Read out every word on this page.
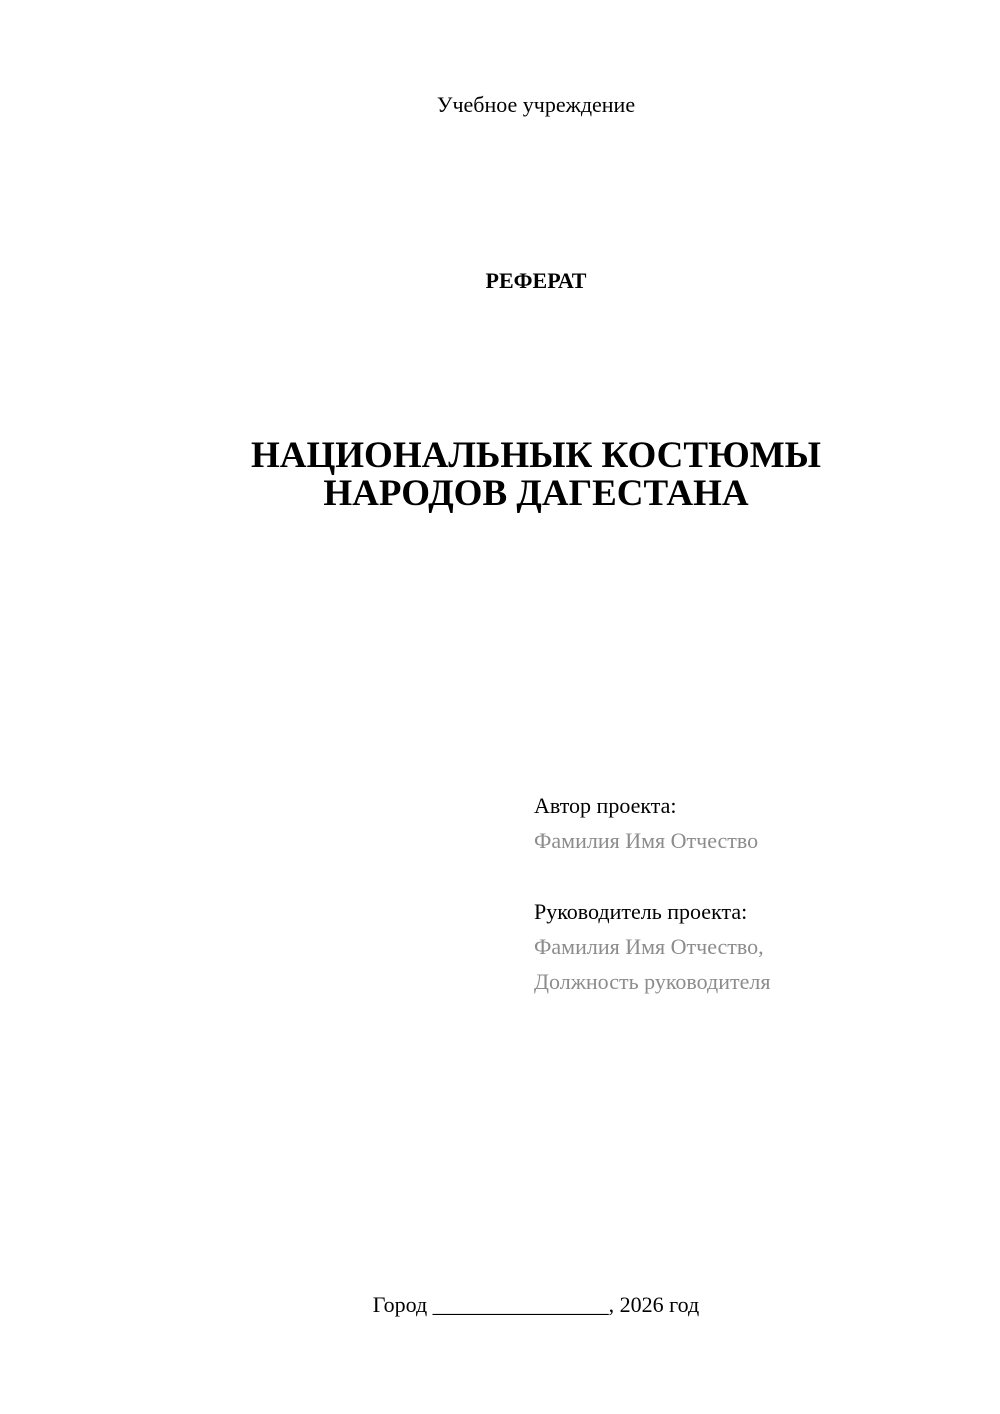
Учебное учреждение
РЕФЕРАТ
НАЦИОНАЛЬНЫК КОСТЮМЫ
НАРОДОВ ДАГЕСТАНА
Автор проекта:
Фамилия Имя Отчество
Руководитель проекта:
Фамилия Имя Отчество,
Должность руководителя
Город ________________, 2026 год
